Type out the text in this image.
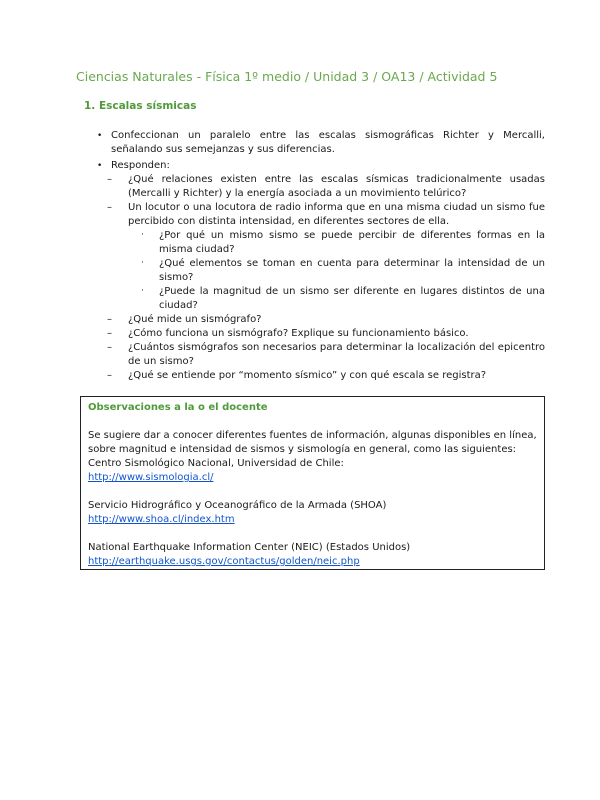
Ciencias Naturales - Física 1º medio / Unidad 3 / OA13 / Actividad 5
1. Escalas sísmicas
• Confeccionan un paralelo entre las escalas sismográficas Richter y Mercalli, señalando sus semejanzas y sus diferencias.
• Responden:
– ¿Qué relaciones existen entre las escalas sísmicas tradicionalmente usadas (Mercalli y Richter) y la energía asociada a un movimiento telúrico?
– Un locutor o una locutora de radio informa que en una misma ciudad un sismo fue percibido con distinta intensidad, en diferentes sectores de ella.
· ¿Por qué un mismo sismo se puede percibir de diferentes formas en la misma ciudad?
· ¿Qué elementos se toman en cuenta para determinar la intensidad de un sismo?
· ¿Puede la magnitud de un sismo ser diferente en lugares distintos de una ciudad?
– ¿Qué mide un sismógrafo?
– ¿Cómo funciona un sismógrafo? Explique su funcionamiento básico.
– ¿Cuántos sismógrafos son necesarios para determinar la localización del epicentro de un sismo?
– ¿Qué se entiende por “momento sísmico” y con qué escala se registra?
Observaciones a la o el docente
Se sugiere dar a conocer diferentes fuentes de información, algunas disponibles en línea, sobre magnitud e intensidad de sismos y sismología en general, como las siguientes:
Centro Sismológico Nacional, Universidad de Chile:
http://www.sismologia.cl/
Servicio Hidrográfico y Oceanográfico de la Armada (SHOA)
http://www.shoa.cl/index.htm
National Earthquake Information Center (NEIC) (Estados Unidos)
http://earthquake.usgs.gov/contactus/golden/neic.php
